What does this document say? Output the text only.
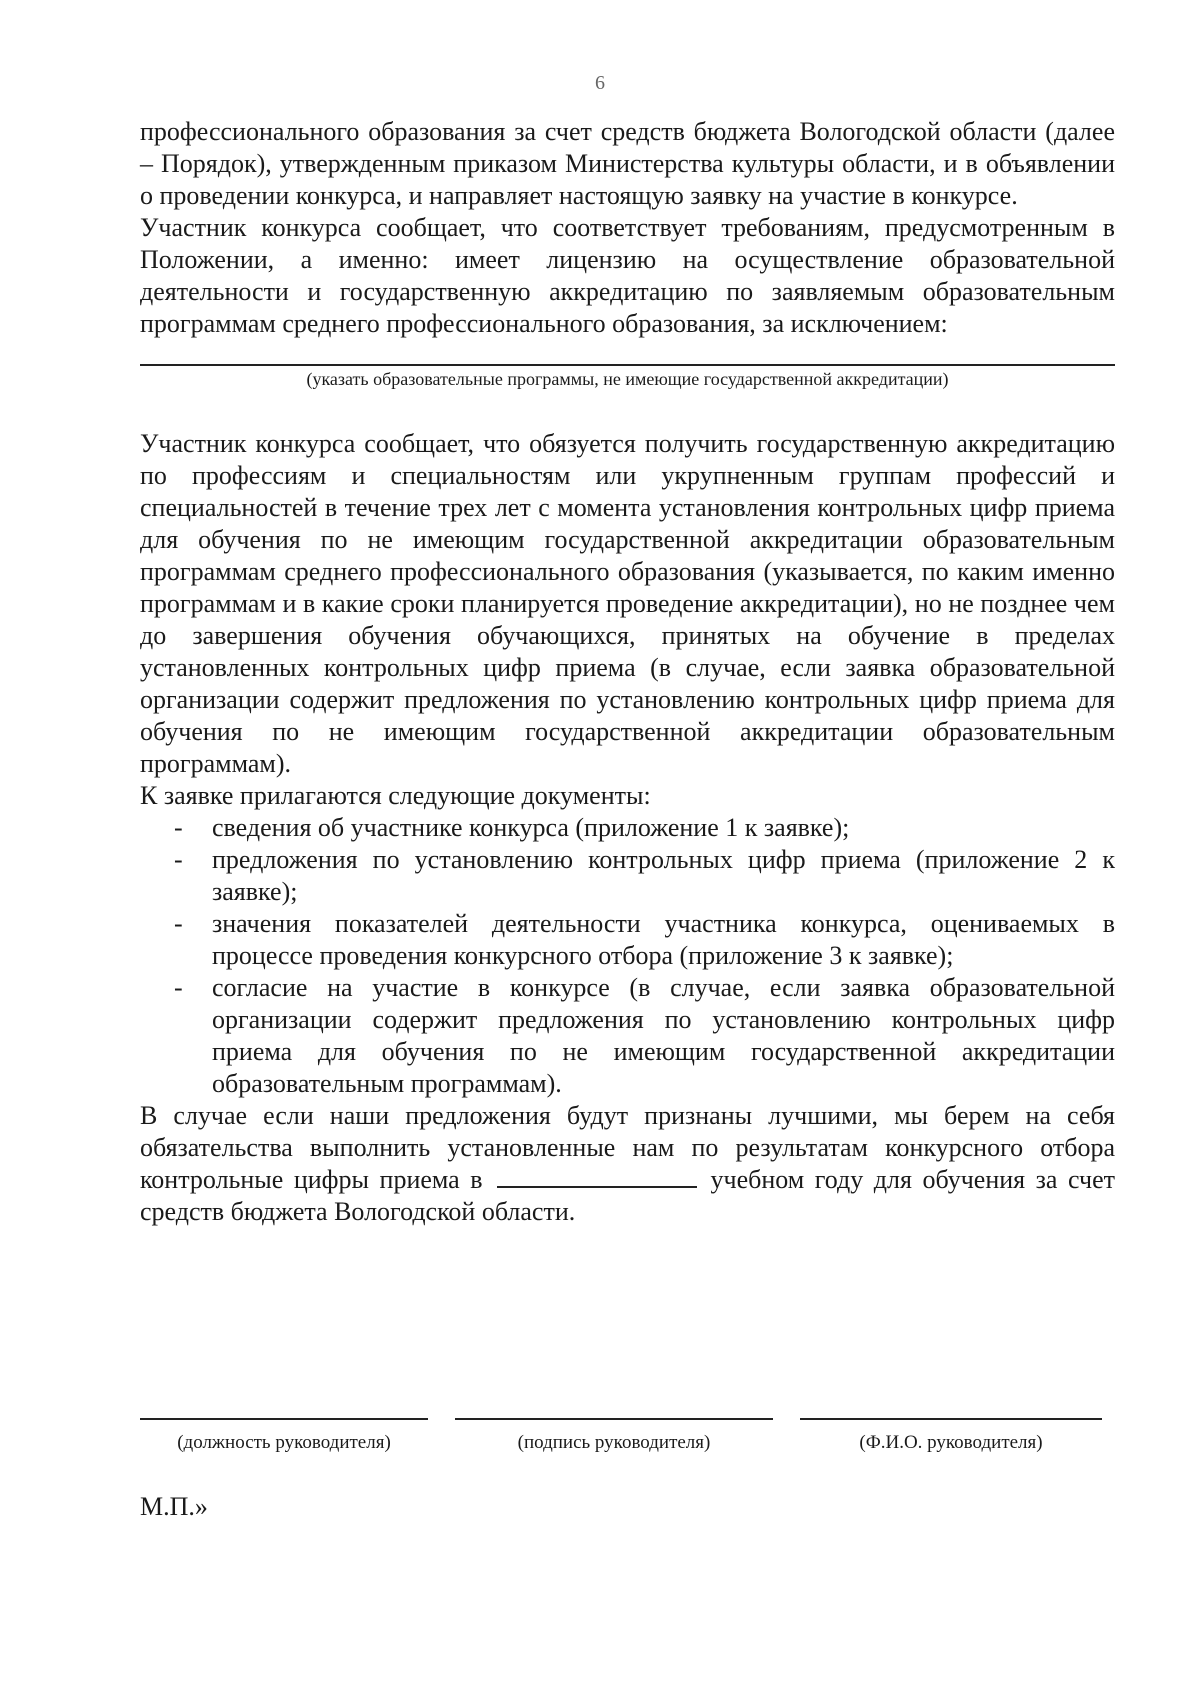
6

профессионального образования за счет средств бюджета Вологодской области (далее – Порядок), утвержденным приказом Министерства культуры области, и в объявлении о проведении конкурса, и направляет настоящую заявку на участие в конкурсе.

Участник конкурса сообщает, что соответствует требованиям, предусмотренным в Положении, а именно: имеет лицензию на осуществление образовательной деятельности и государственную аккредитацию по заявляемым образовательным программам среднего профессионального образования, за исключением:

(указать образовательные программы, не имеющие государственной аккредитации)

Участник конкурса сообщает, что обязуется получить государственную аккредитацию по профессиям и специальностям или укрупненным группам профессий и специальностей в течение трех лет с момента установления контрольных цифр приема для обучения по не имеющим государственной аккредитации образовательным программам среднего профессионального образования (указывается, по каким именно программам и в какие сроки планируется проведение аккредитации), но не позднее чем до завершения обучения обучающихся, принятых на обучение в пределах установленных контрольных цифр приема (в случае, если заявка образовательной организации содержит предложения по установлению контрольных цифр приема для обучения по не имеющим государственной аккредитации образовательным программам).

К заявке прилагаются следующие документы:

- сведения об участнике конкурса (приложение 1 к заявке);
- предложения по установлению контрольных цифр приема (приложение 2 к заявке);
- значения показателей деятельности участника конкурса, оцениваемых в процессе проведения конкурсного отбора (приложение 3 к заявке);
- согласие на участие в конкурсе (в случае, если заявка образовательной организации содержит предложения по установлению контрольных цифр приема для обучения по не имеющим государственной аккредитации образовательным программам).

В случае если наши предложения будут признаны лучшими, мы берем на себя обязательства выполнить установленные нам по результатам конкурсного отбора контрольные цифры приема в	учебном году для обучения за счет средств бюджета Вологодской области.

(должность руководителя)	(подпись руководителя)	(Ф.И.О. руководителя)
М.П.»
